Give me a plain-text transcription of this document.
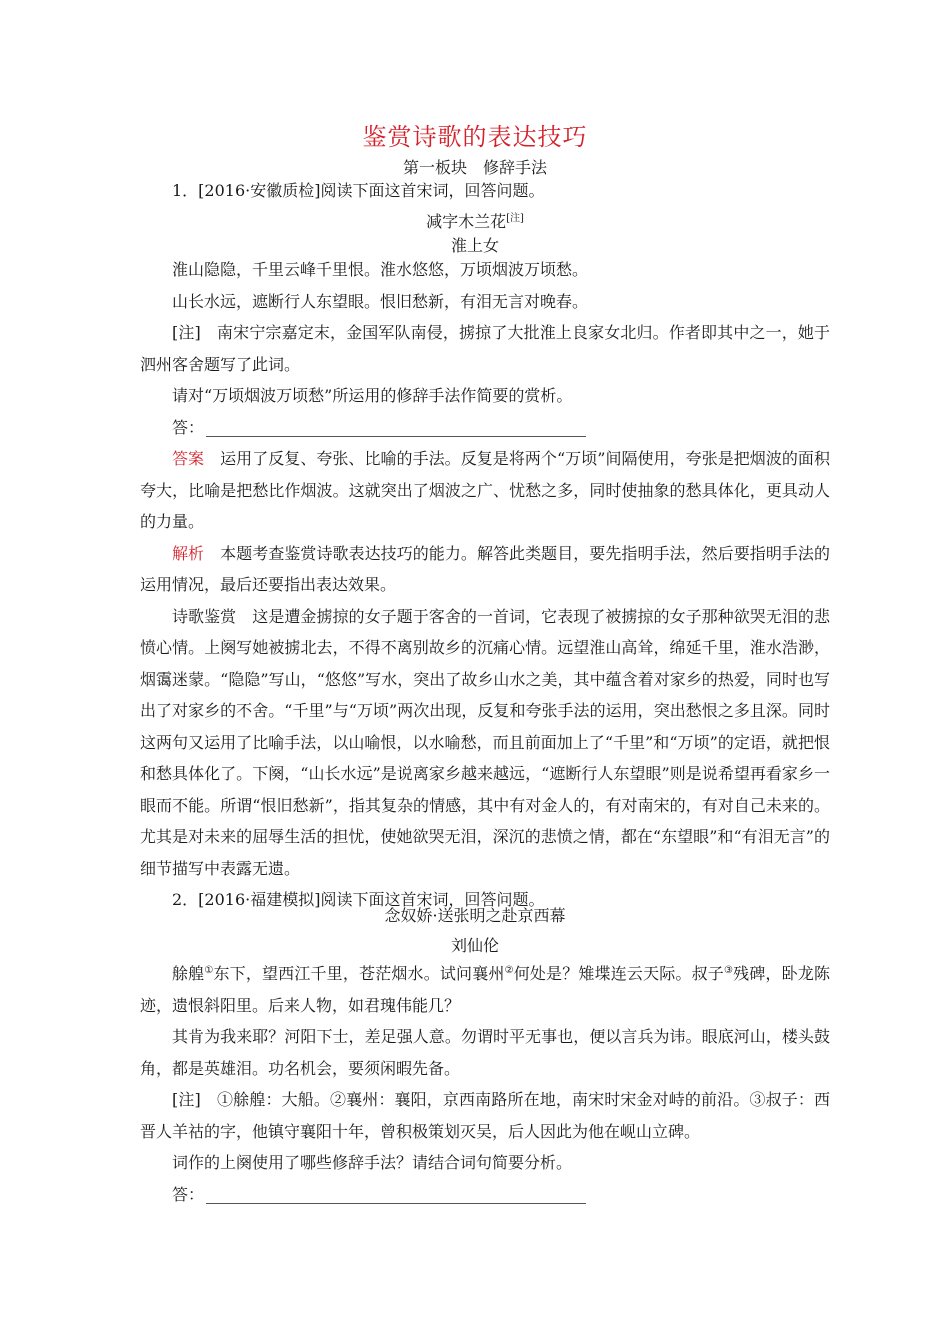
鉴赏诗歌的表达技巧
第一板块　修辞手法

1．[2016·安徽质检]阅读下面这首宋词，回答问题。

减字木兰花[注]
淮上女

淮山隐隐，千里云峰千里恨。淮水悠悠，万顷烟波万顷愁。

山长水远，遮断行人东望眼。恨旧愁新，有泪无言对晚春。

[注]　 南宋宁宗嘉定末，金国军队南侵，掳掠了大批淮上良家女北归。作者即其中之一，她于泗州客舍题写了此词。

请对“万顷烟波万顷愁”所运用的修辞手法作简要的赏析。

答：

答案　 运用了反复、夸张、比喻的手法。反复是将两个“万顷”间隔使用，夸张是把烟波的面积夸大，比喻是把愁比作烟波。这就突出了烟波之广、忧愁之多，同时使抽象的愁具体化，更具动人的力量。

解析　 本题考查鉴赏诗歌表达技巧的能力。解答此类题目，要先指明手法，然后要指明手法的运用情况，最后还要指出表达效果。

诗歌鉴赏　 这是遭金掳掠的女子题于客舍的一首词，它表现了被掳掠的女子那种欲哭无泪的悲愤心情。上阕写她被掳北去，不得不离别故乡的沉痛心情。远望淮山高耸，绵延千里，淮水浩渺，烟霭迷蒙。“隐隐”写山，“悠悠”写水，突出了故乡山水之美，其中蕴含着对家乡的热爱，同时也写出了对家乡的不舍。“千里”与“万顷”两次出现，反复和夸张手法的运用，突出愁恨之多且深。同时这两句又运用了比喻手法，以山喻恨，以水喻愁，而且前面加上了“千里”和“万顷”的定语，就把恨和愁具体化了。下阕，“山长水远”是说离家乡越来越远，“遮断行人东望眼”则是说希望再看家乡一眼而不能。所谓“恨旧愁新”，指其复杂的情感，其中有对金人的，有对南宋的，有对自己未来的。尤其是对未来的屈辱生活的担忧，使她欲哭无泪，深沉的悲愤之情，都在“东望眼”和“有泪无言”的细节描写中表露无遗。

2．[2016·福建模拟]阅读下面这首宋词，回答问题。

念奴娇·送张明之赴京西幕
刘仙伦

艅艎①东下，望西江千里，苍茫烟水。试问襄州②何处是？雉堞连云天际。叔子③残碑，卧龙陈迹，遗恨斜阳里。后来人物，如君瑰伟能几？

其肯为我来耶？河阳下士，差足强人意。勿谓时平无事也，便以言兵为讳。眼底河山，楼头鼓角，都是英雄泪。功名机会，要须闲暇先备。

[注]　 ①艅艎：大船。②襄州：襄阳，京西南路所在地，南宋时宋金对峙的前沿。③叔子：西晋人羊祜的字，他镇守襄阳十年，曾积极策划灭吴，后人因此为他在岘山立碑。

词作的上阕使用了哪些修辞手法？请结合词句简要分析。

答：
